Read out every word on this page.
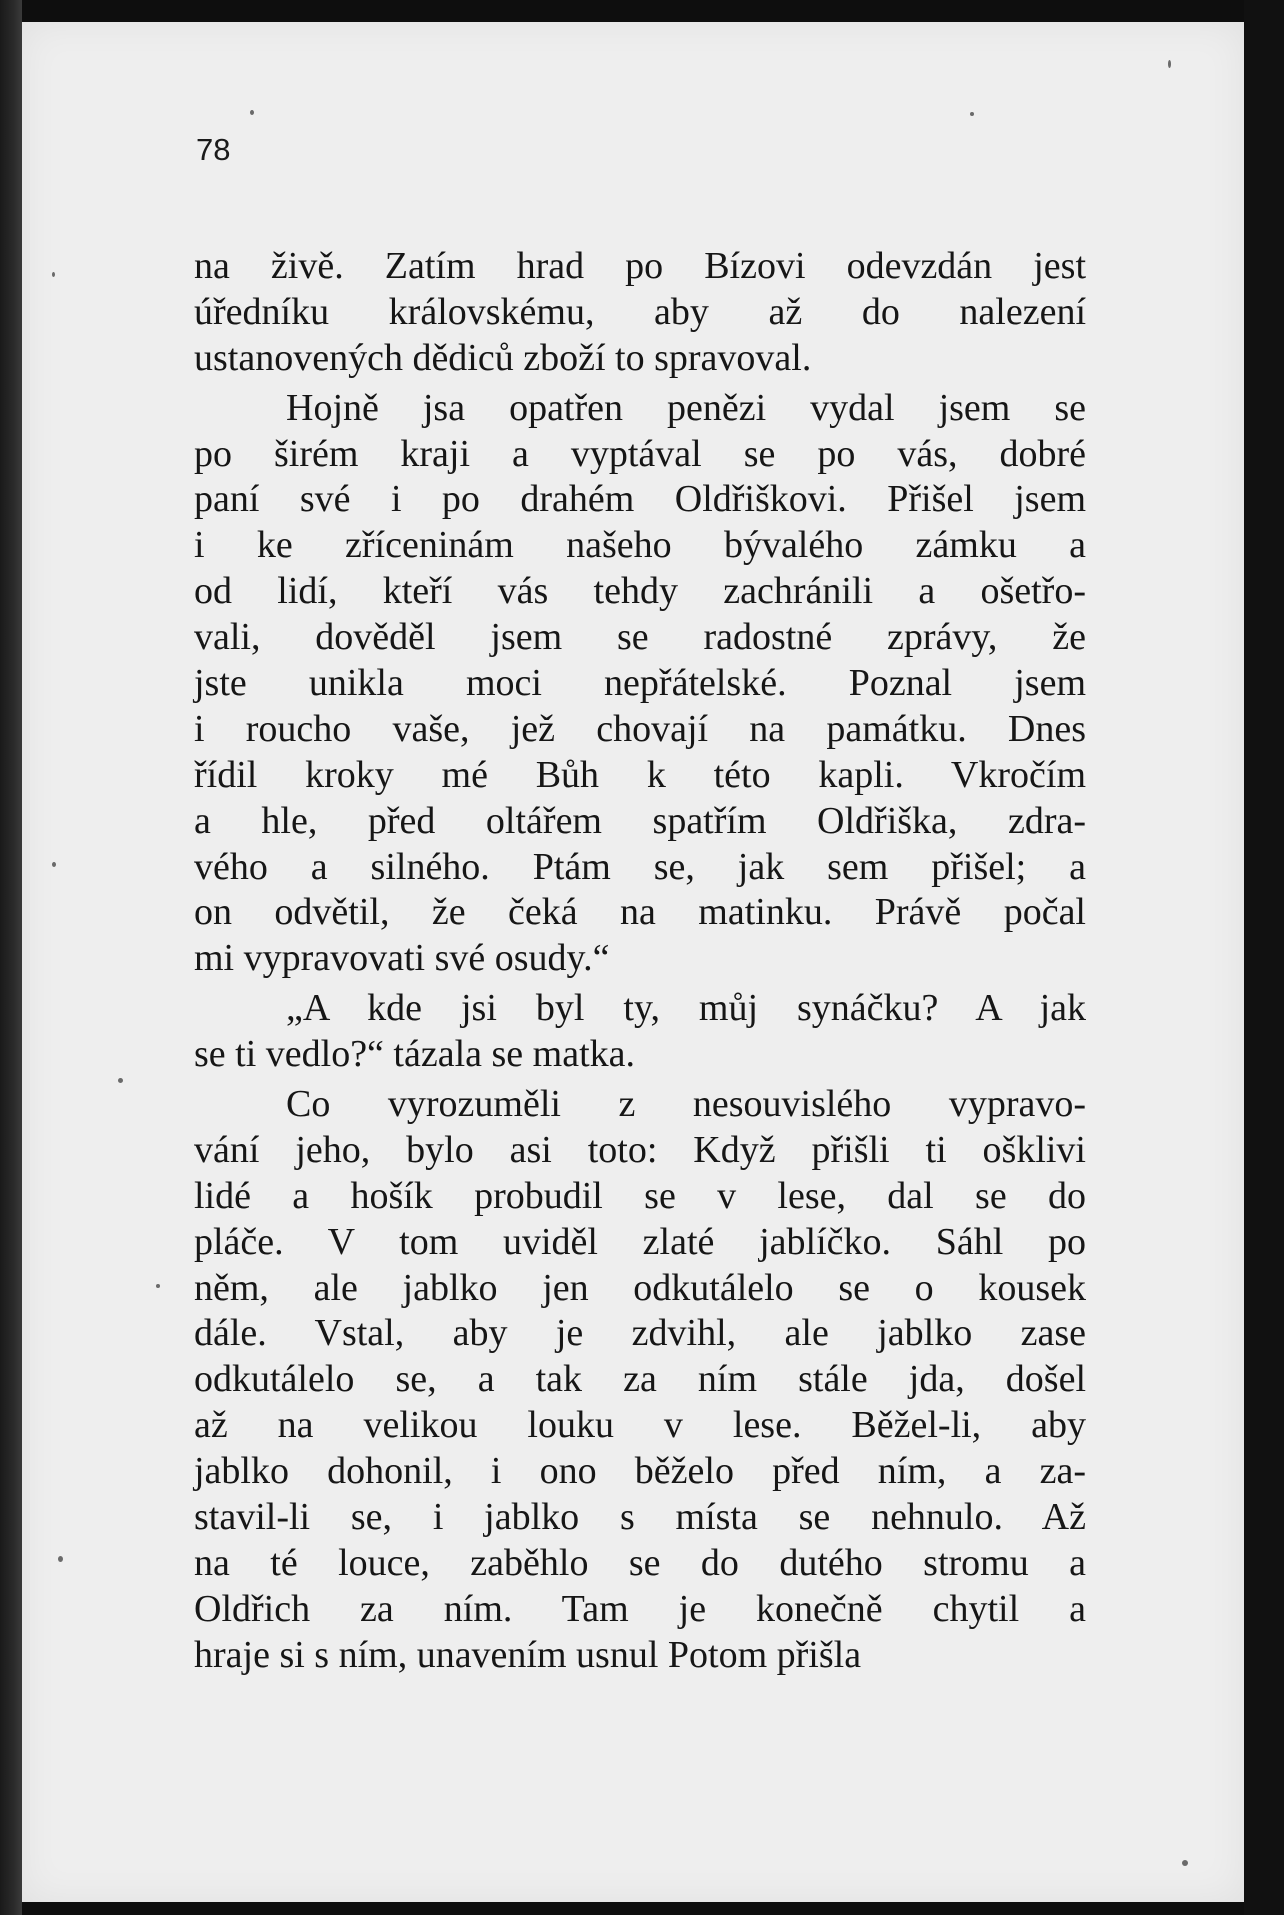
78
na živě. Zatím hrad po Bízovi odevzdán jest
úředníku královskému, aby až do nalezení
ustanovených dědiců zboží to spravoval.
Hojně jsa opatřen penězi vydal jsem se
po širém kraji a vyptával se po vás, dobré
paní své i po drahém Oldřiškovi. Přišel jsem
i ke zříceninám našeho bývalého zámku a
od lidí, kteří vás tehdy zachránili a ošetřo-
vali, dověděl jsem se radostné zprávy, že
jste unikla moci nepřátelské. Poznal jsem
i roucho vaše, jež chovají na památku. Dnes
řídil kroky mé Bůh k této kapli. Vkročím
a hle, před oltářem spatřím Oldřiška, zdra-
vého a silného. Ptám se, jak sem přišel; a
on odvětil, že čeká na matinku. Právě počal
mi vypravovati své osudy.“
„A kde jsi byl ty, můj synáčku? A jak
se ti vedlo?“ tázala se matka.
Co vyrozuměli z nesouvislého vypravo-
vání jeho, bylo asi toto: Když přišli ti ošklivi
lidé a hošík probudil se v lese, dal se do
pláče. V tom uviděl zlaté jablíčko. Sáhl po
něm, ale jablko jen odkutálelo se o kousek
dále. Vstal, aby je zdvihl, ale jablko zase
odkutálelo se, a tak za ním stále jda, došel
až na velikou louku v lese. Běžel-li, aby
jablko dohonil, i ono běželo před ním, a za-
stavil-li se, i jablko s místa se nehnulo. Až
na té louce, zaběhlo se do dutého stromu a
Oldřich za ním. Tam je konečně chytil a
hraje si s ním, unavením usnul Potom přišla
